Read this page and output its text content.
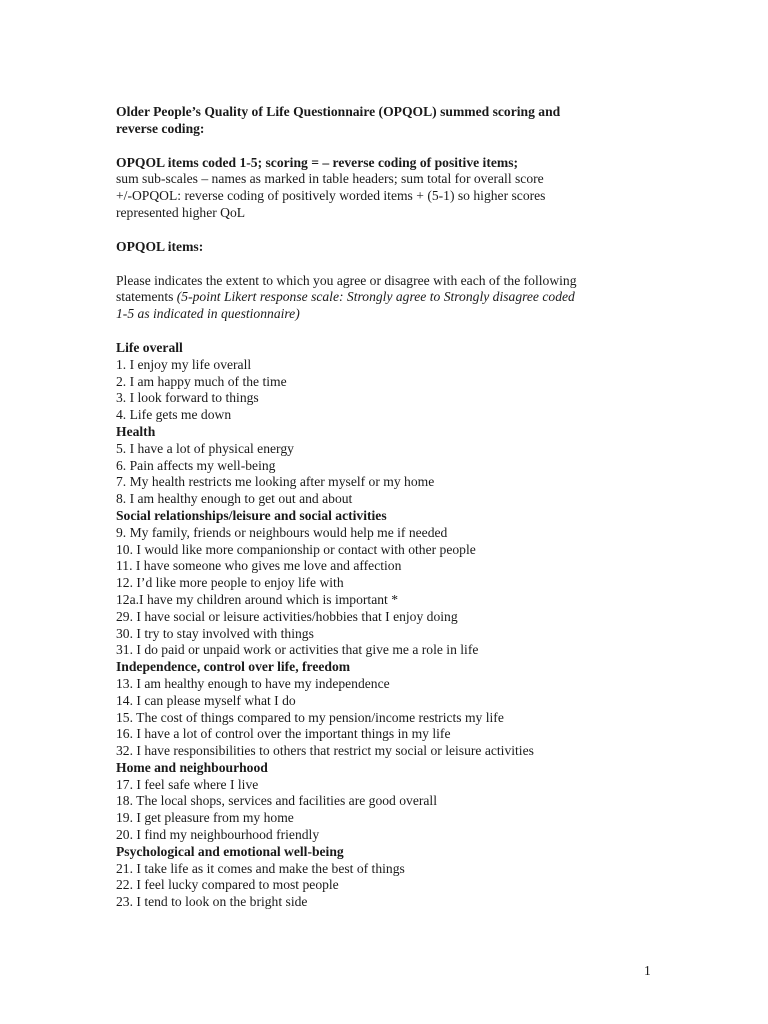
Older People’s Quality of Life Questionnaire (OPQOL) summed scoring and
reverse coding:
OPQOL items coded 1-5; scoring = – reverse coding of positive items;
sum sub-scales – names as marked in table headers; sum total for overall score
+/-OPQOL: reverse coding of positively worded items + (5-1) so higher scores
represented higher QoL
OPQOL items:
Please indicates the extent to which you agree or disagree with each of the following
statements (5-point Likert response scale: Strongly agree to Strongly disagree coded
1-5 as indicated in questionnaire)
Life overall
1. I enjoy my life overall
2. I am happy much of the time
3. I look forward to things
4. Life gets me down
Health
5. I have a lot of physical energy
6. Pain affects my well-being
7. My health restricts me looking after myself or my home
8. I am healthy enough to get out and about
Social relationships/leisure and social activities
9. My family, friends or neighbours would help me if needed
10. I would like more companionship or contact with other people
11. I have someone who gives me love and affection
12. I’d like more people to enjoy life with
12a.I have my children around which is important *
29. I have social or leisure activities/hobbies that I enjoy doing
30. I try to stay involved with things
31. I do paid or unpaid work or activities that give me a role in life
Independence, control over life, freedom
13. I am healthy enough to have my independence
14. I can please myself what I do
15. The cost of things compared to my pension/income restricts my life
16. I have a lot of control over the important things in my life
32. I have responsibilities to others that restrict my social or leisure activities
Home and neighbourhood
17. I feel safe where I live
18. The local shops, services and facilities are good overall
19. I get pleasure from my home
20. I find my neighbourhood friendly
Psychological and emotional well-being
21. I take life as it comes and make the best of things
22. I feel lucky compared to most people
23. I tend to look on the bright side
1
